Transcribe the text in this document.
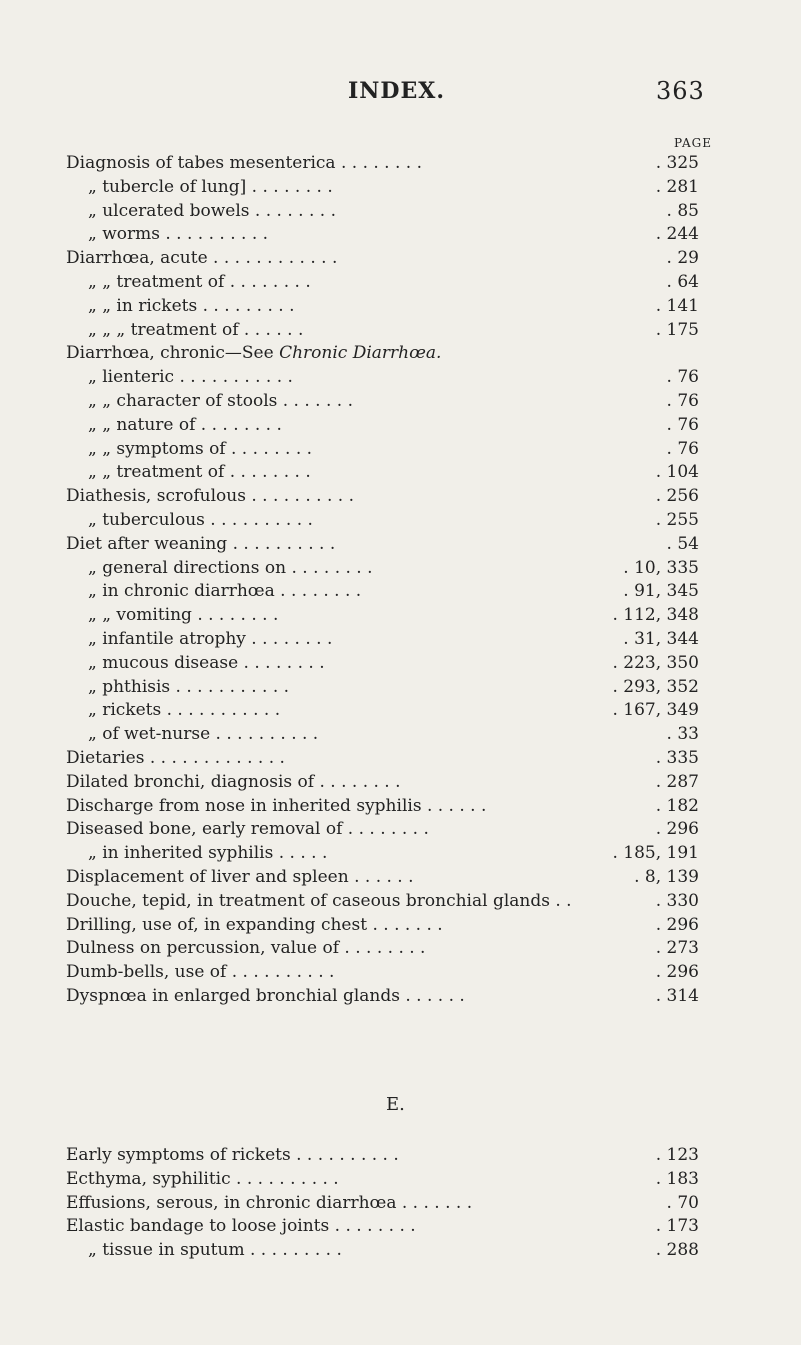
INDEX.	363
PAGE
Diagnosis of tabes mesenterica . . . . . . . .	. 325
„ tubercle of lung] . . . . . . . .	. 281
„ ulcerated bowels . . . . . . . .	. 85
„ worms . . . . . . . . . .	. 244
Diarrhœa, acute . . . . . . . . . . . .	. 29
„ „ treatment of . . . . . . . .	. 64
„ „ in rickets . . . . . . . . .	. 141
„ „ „ treatment of . . . . . .	. 175
Diarrhœa, chronic—See Chronic Diarrhœa.
„ lienteric . . . . . . . . . . .	. 76
„ „ character of stools . . . . . . .	. 76
„ „ nature of . . . . . . . .	. 76
„ „ symptoms of . . . . . . . .	. 76
„ „ treatment of . . . . . . . .	. 104
Diathesis, scrofulous . . . . . . . . . .	. 256
„ tuberculous . . . . . . . . . .	. 255
Diet after weaning . . . . . . . . . .	. 54
„ general directions on . . . . . . . .	. 10, 335
„ in chronic diarrhœa . . . . . . . .	. 91, 345
„ „ vomiting . . . . . . . .	. 112, 348
„ infantile atrophy . . . . . . . .	. 31, 344
„ mucous disease . . . . . . . .	. 223, 350
„ phthisis . . . . . . . . . . .	. 293, 352
„ rickets . . . . . . . . . . .	. 167, 349
„ of wet-nurse . . . . . . . . . .	. 33
Dietaries . . . . . . . . . . . . .	. 335
Dilated bronchi, diagnosis of . . . . . . . .	. 287
Discharge from nose in inherited syphilis . . . . . .	. 182
Diseased bone, early removal of . . . . . . . .	. 296
„ in inherited syphilis . . . . .	. 185, 191
Displacement of liver and spleen . . . . . .	. 8, 139
Douche, tepid, in treatment of caseous bronchial glands . .	. 330
Drilling, use of, in expanding chest . . . . . . .	. 296
Dulness on percussion, value of . . . . . . . .	. 273
Dumb-bells, use of . . . . . . . . . .	. 296
Dyspnœa in enlarged bronchial glands . . . . . .	. 314
E.
Early symptoms of rickets . . . . . . . . . .	. 123
Ecthyma, syphilitic . . . . . . . . . .	. 183
Effusions, serous, in chronic diarrhœa . . . . . . .	. 70
Elastic bandage to loose joints . . . . . . . .	. 173
„ tissue in sputum . . . . . . . . .	. 288
